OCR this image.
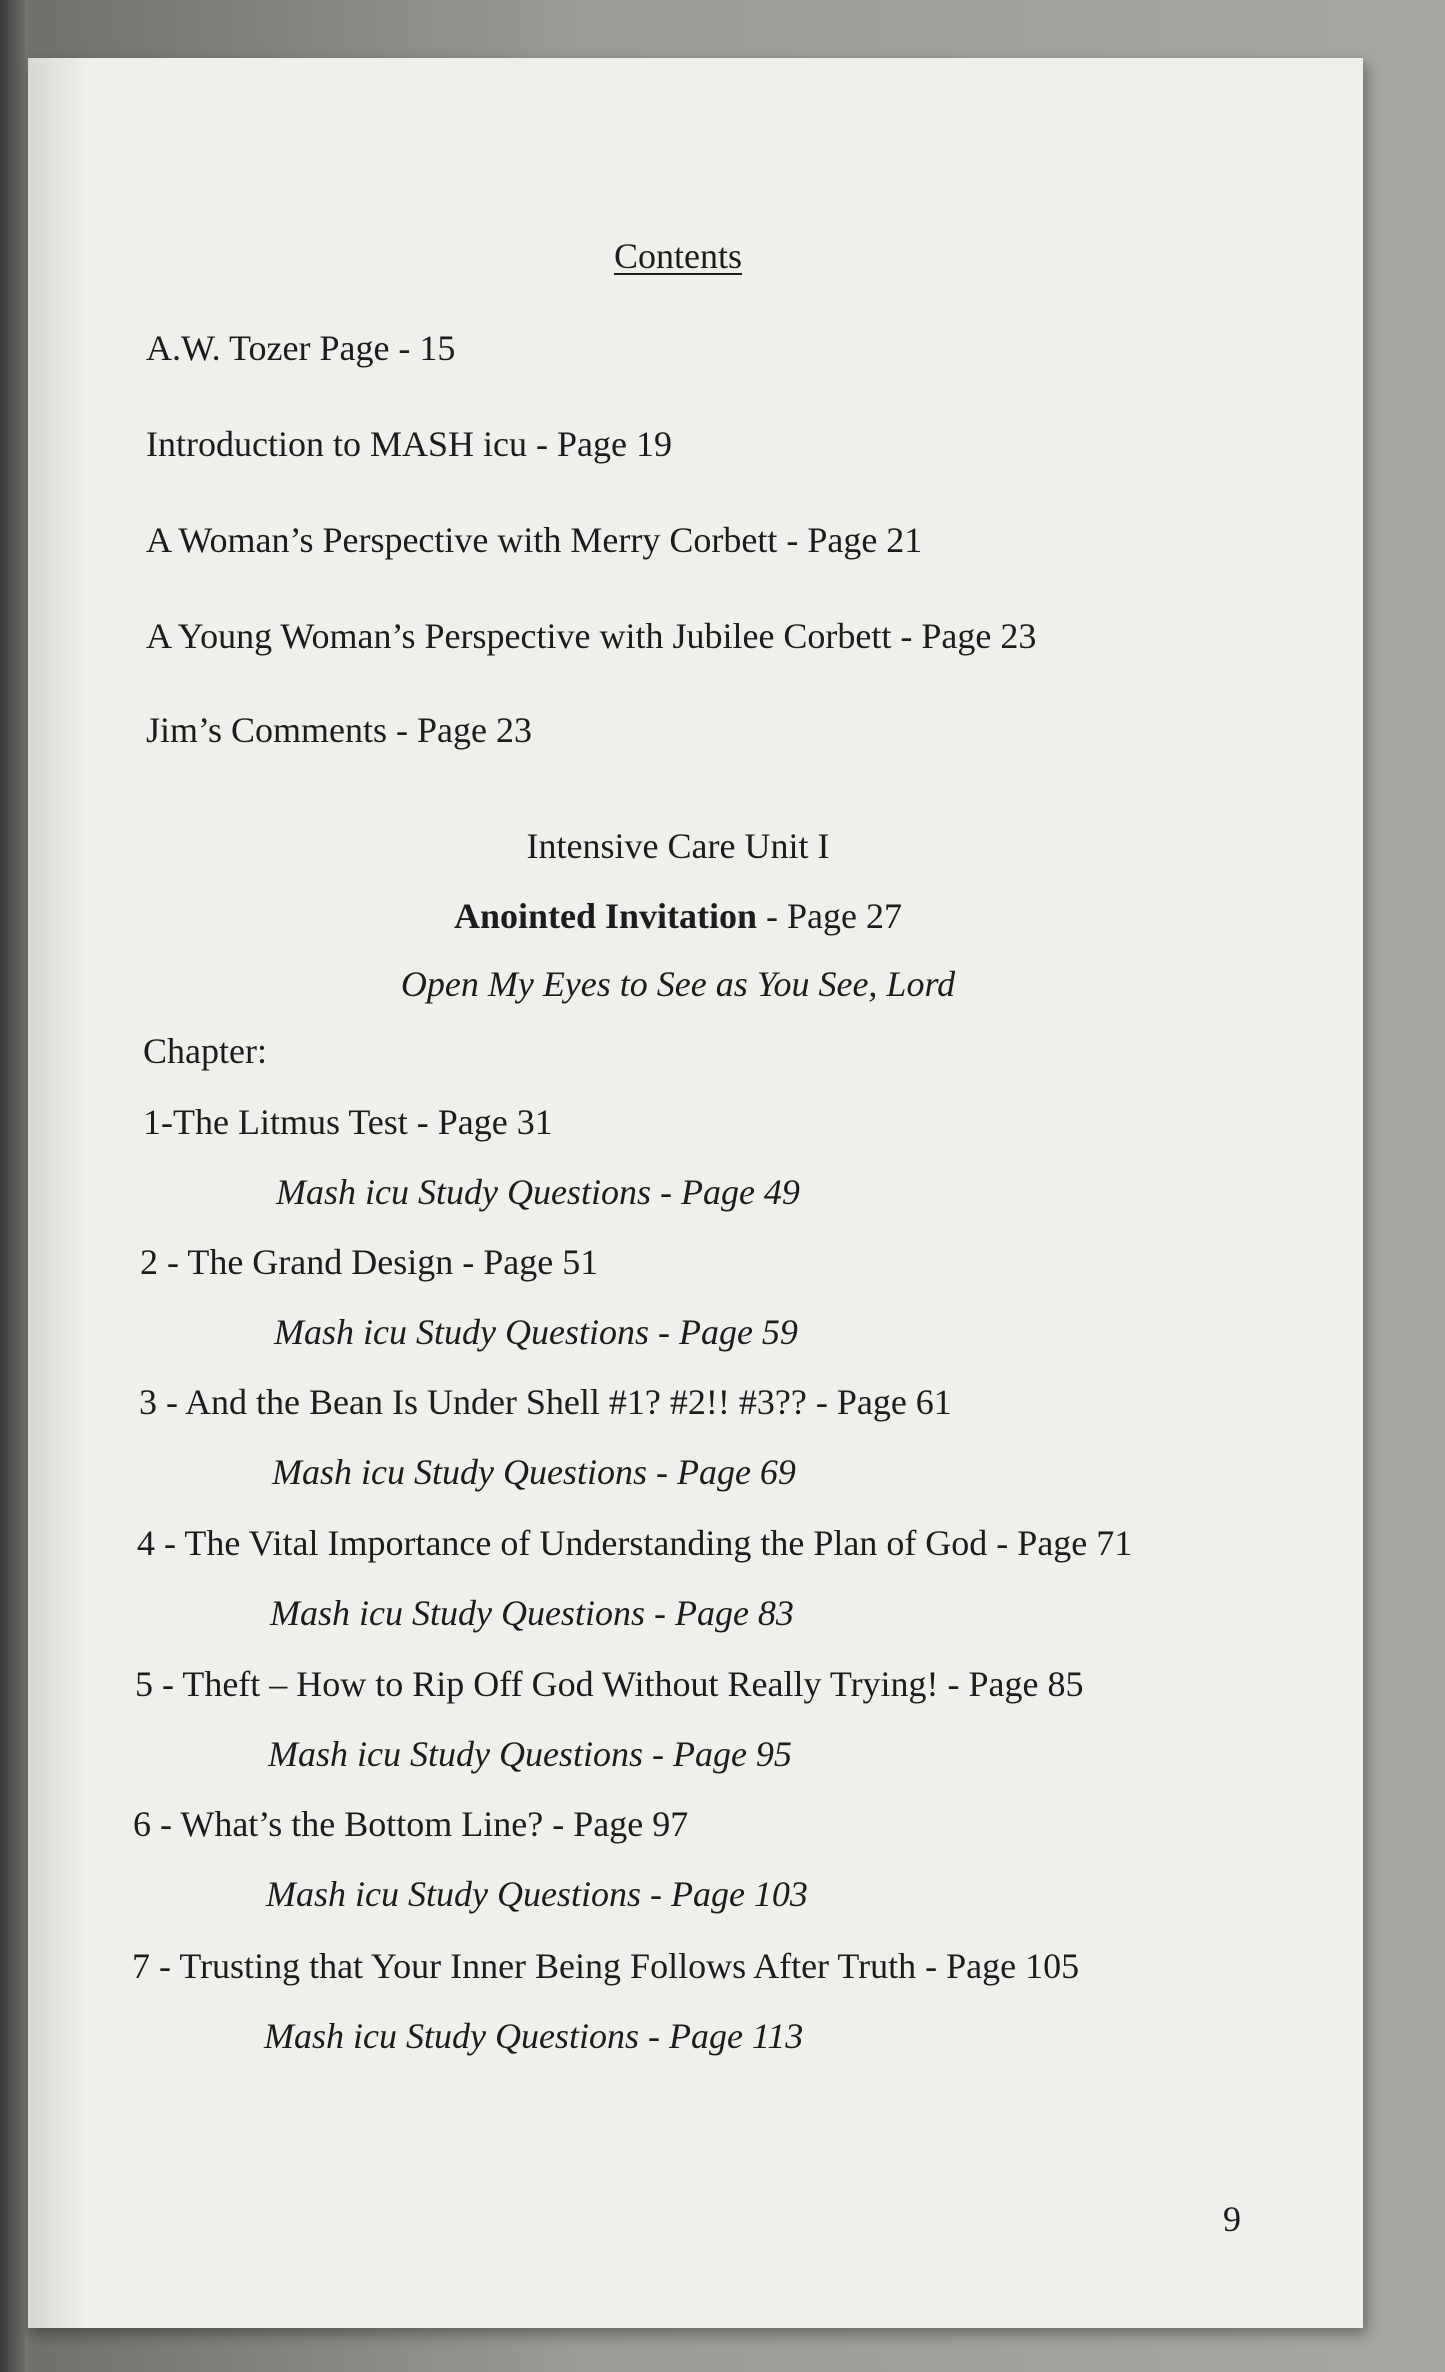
Contents
A.W. Tozer Page - 15
Introduction to MASH icu - Page 19
A Woman’s Perspective with Merry Corbett - Page 21
A Young Woman’s Perspective with Jubilee Corbett - Page 23
Jim’s Comments - Page 23
Intensive Care Unit I
Anointed Invitation - Page 27
Open My Eyes to See as You See, Lord
Chapter:
1-The Litmus Test - Page 31
Mash icu Study Questions - Page 49
2 - The Grand Design - Page 51
Mash icu Study Questions - Page 59
3 - And the Bean Is Under Shell #1? #2!! #3?? - Page 61
Mash icu Study Questions - Page 69
4 - The Vital Importance of Understanding the Plan of God - Page 71
Mash icu Study Questions - Page 83
5 - Theft – How to Rip Off God Without Really Trying! - Page 85
Mash icu Study Questions - Page 95
6 - What’s the Bottom Line? - Page 97
Mash icu Study Questions - Page 103
7 - Trusting that Your Inner Being Follows After Truth - Page 105
Mash icu Study Questions - Page 113
9
